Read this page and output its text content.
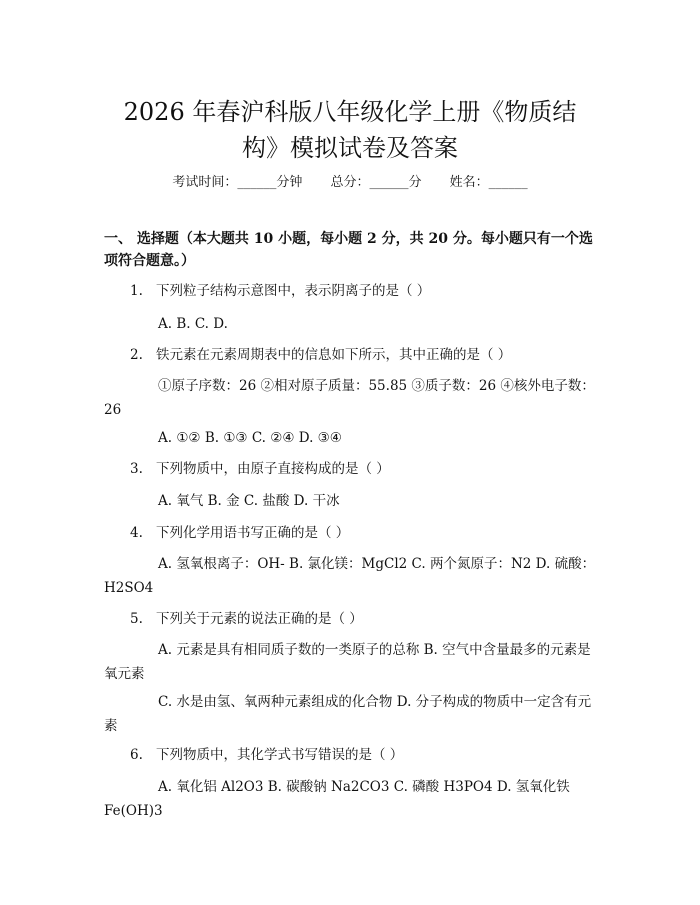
2026 年春沪科版八年级化学上册《物质结
构》模拟试卷及答案
考试时间：______分钟 总分：______分 姓名：______
一、 选择题（本大题共 10 小题，每小题 2 分，共 20 分。每小题只有一个选项符合题意。）
1. 下列粒子结构示意图中，表示阴离子的是（ ）
A. B. C. D.
2. 铁元素在元素周期表中的信息如下所示，其中正确的是（ ）
①原子序数：26 ②相对原子质量：55.85 ③质子数：26 ④核外电子数：26
A. ①② B. ①③ C. ②④ D. ③④
3. 下列物质中，由原子直接构成的是（ ）
A. 氧气 B. 金 C. 盐酸 D. 干冰
4. 下列化学用语书写正确的是（ ）
A. 氢氧根离子：OH- B. 氯化镁：MgCl2 C. 两个氮原子：N2 D. 硫酸：H2SO4
5. 下列关于元素的说法正确的是（ ）
A. 元素是具有相同质子数的一类原子的总称 B. 空气中含量最多的元素是氧元素
C. 水是由氢、氧两种元素组成的化合物 D. 分子构成的物质中一定含有元素
6. 下列物质中，其化学式书写错误的是（ ）
A. 氧化铝 Al2O3 B. 碳酸钠 Na2CO3 C. 磷酸 H3PO4 D. 氢氧化铁 Fe(OH)3
